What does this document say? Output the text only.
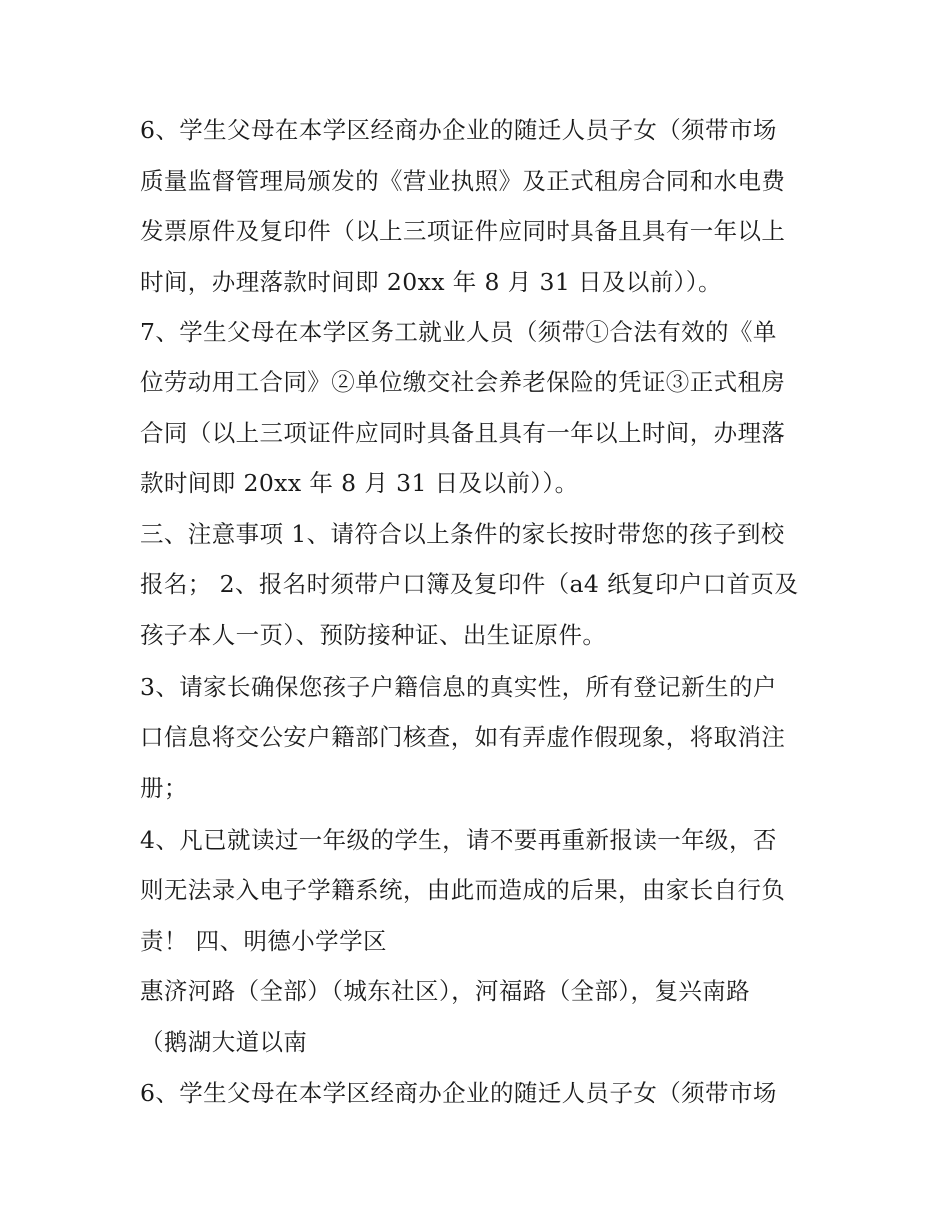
6、学生父母在本学区经商办企业的随迁人员子女（须带市场

质量监督管理局颁发的《营业执照》及正式租房合同和水电费

发票原件及复印件（以上三项证件应同时具备且具有一年以上

时间，办理落款时间即 20xx 年 8 月 31 日及以前））。

7、学生父母在本学区务工就业人员（须带①合法有效的《单

位劳动用工合同》②单位缴交社会养老保险的凭证③正式租房

合同（以上三项证件应同时具备且具有一年以上时间，办理落

款时间即 20xx 年 8 月 31 日及以前））。

三、注意事项 1、请符合以上条件的家长按时带您的孩子到校

报名； 2、报名时须带户口簿及复印件（a4 纸复印户口首页及

孩子本人一页）、预防接种证、出生证原件。

3、请家长确保您孩子户籍信息的真实性，所有登记新生的户

口信息将交公安户籍部门核查，如有弄虚作假现象，将取消注

册；

4、凡已就读过一年级的学生，请不要再重新报读一年级，否

则无法录入电子学籍系统，由此而造成的后果，由家长自行负

责！ 四、明德小学学区

惠济河路（全部）（城东社区），河福路（全部），复兴南路

（鹅湖大道以南

6、学生父母在本学区经商办企业的随迁人员子女（须带市场
